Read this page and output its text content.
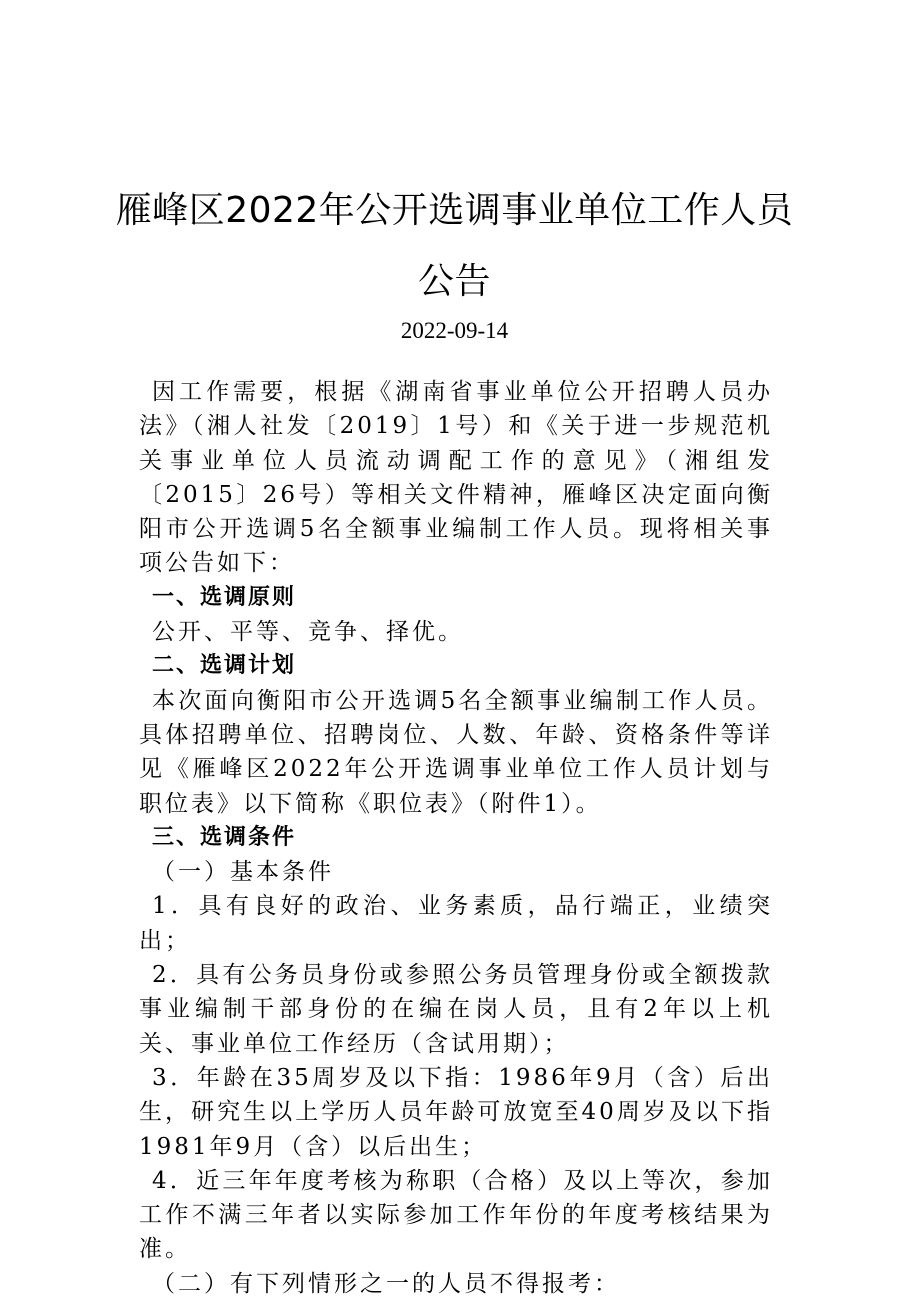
雁峰区2022年公开选调事业单位工作人员
公告
2022-09-14

因工作需要，根据《湖南省事业单位公开招聘人员办法》（湘人社发〔2019〕1号）和《关于进一步规范机关事业单位人员流动调配工作的意见》（湘组发〔2015〕26号）等相关文件精神，雁峰区决定面向衡阳市公开选调5名全额事业编制工作人员。现将相关事项公告如下：

一、选调原则

公开、平等、竞争、择优。

二、选调计划

本次面向衡阳市公开选调5名全额事业编制工作人员。具体招聘单位、招聘岗位、人数、年龄、资格条件等详见《雁峰区2022年公开选调事业单位工作人员计划与职位表》以下简称《职位表》（附件1）。

三、选调条件

（一）基本条件

1．具有良好的政治、业务素质，品行端正，业绩突出；

2．具有公务员身份或参照公务员管理身份或全额拨款事业编制干部身份的在编在岗人员，且有2年以上机关、事业单位工作经历（含试用期）；

3．年龄在35周岁及以下指：1986年9月（含）后出生，研究生以上学历人员年龄可放宽至40周岁及以下指1981年9月（含）以后出生；

4．近三年年度考核为称职（合格）及以上等次，参加工作不满三年者以实际参加工作年份的年度考核结果为准。

（二）有下列情形之一的人员不得报考：
